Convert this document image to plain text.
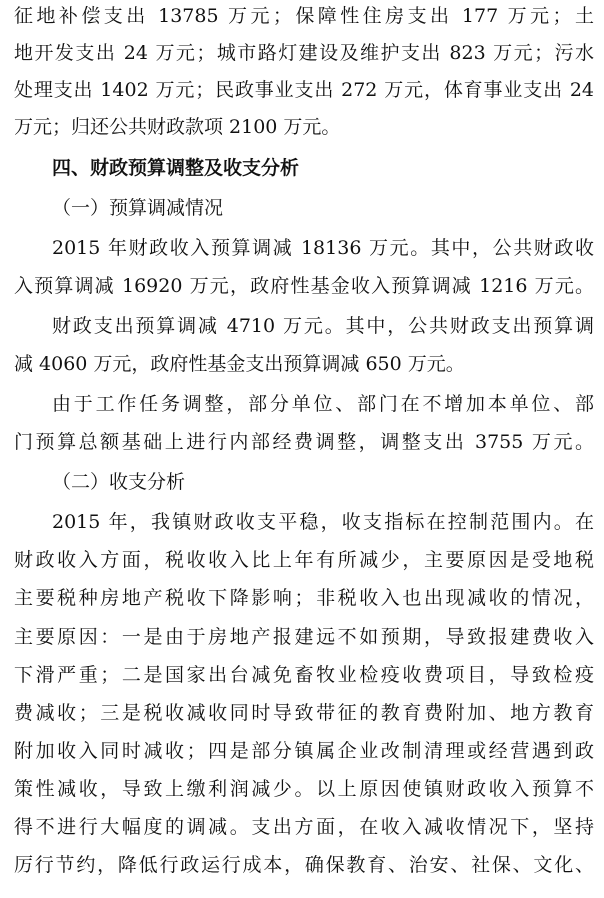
征地补偿支出 13785 万元；保障性住房支出 177 万元；土
地开发支出 24 万元；城市路灯建设及维护支出 823 万元；污水
处理支出 1402 万元；民政事业支出 272 万元，体育事业支出 24
万元；归还公共财政款项 2100 万元。
四、财政预算调整及收支分析
（一）预算调减情况
2015 年财政收入预算调减 18136 万元。其中，公共财政收
入预算调减 16920 万元，政府性基金收入预算调减 1216 万元。
财政支出预算调减 4710 万元。其中，公共财政支出预算调
减 4060 万元，政府性基金支出预算调减 650 万元。
由于工作任务调整，部分单位、部门在不增加本单位、部
门预算总额基础上进行内部经费调整，调整支出 3755 万元。
（二）收支分析
2015 年，我镇财政收支平稳，收支指标在控制范围内。在
财政收入方面，税收收入比上年有所减少，主要原因是受地税
主要税种房地产税收下降影响；非税收入也出现减收的情况，
主要原因：一是由于房地产报建远不如预期，导致报建费收入
下滑严重；二是国家出台减免畜牧业检疫收费项目，导致检疫
费减收；三是税收减收同时导致带征的教育费附加、地方教育
附加收入同时减收；四是部分镇属企业改制清理或经营遇到政
策性减收，导致上缴利润减少。以上原因使镇财政收入预算不
得不进行大幅度的调减。支出方面，在收入减收情况下，坚持
厉行节约，降低行政运行成本，确保教育、治安、社保、文化、
